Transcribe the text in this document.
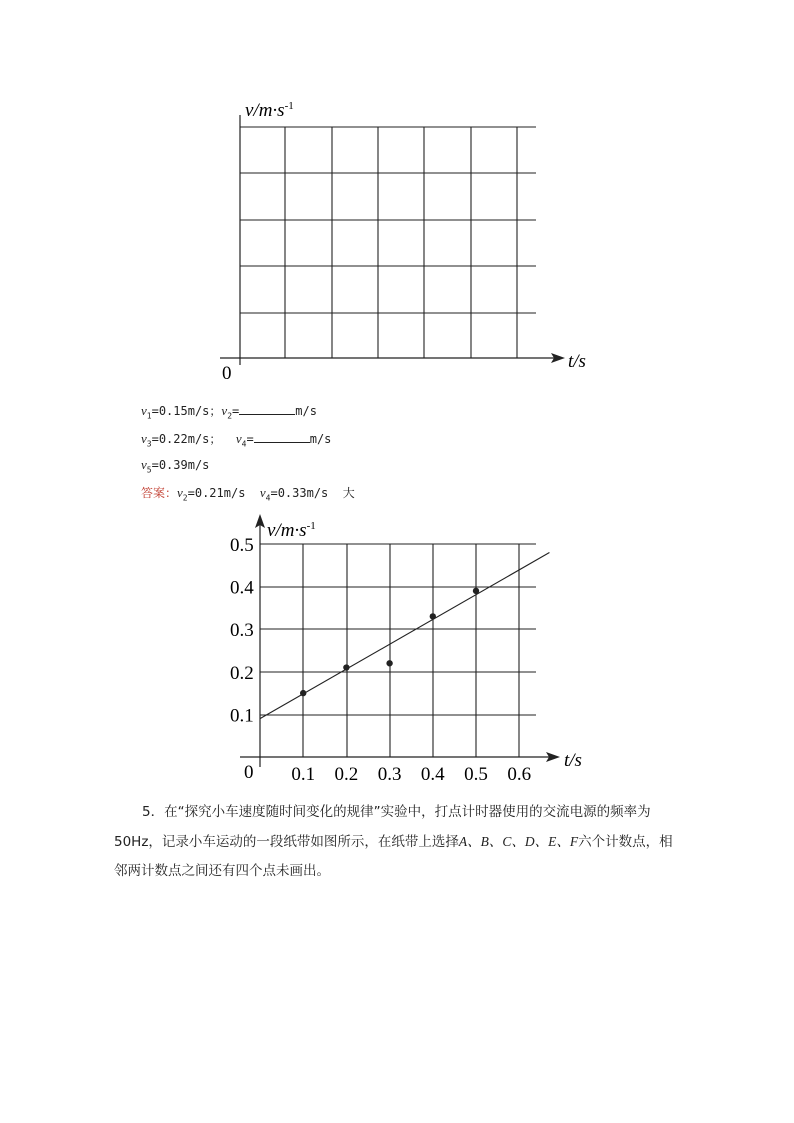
$v/m\cdot s^{-1}$
t/s
0
$v_1=0.15m/s$；$v_2=$	m/s
$v_3=0.22m/s$； $v_4=$	m/s
$v_5=0.39m/s$
答案：$v_2=0.21m/s$ $v_4=0.33m/s$ 大
$v/m\cdot s^{-1}$
t/s
0
0.1
0.2
0.3
0.4
0.5
0.1 0.2 0.3 0.4 0.5 0.6
5．在“探究小车速度随时间变化的规律”实验中，打点计时器使用的交流电源的频率为
50Hz，记录小车运动的一段纸带如图所示，在纸带上选择A、B、C、D、E、F六个计数点，相
邻两计数点之间还有四个点未画出。
